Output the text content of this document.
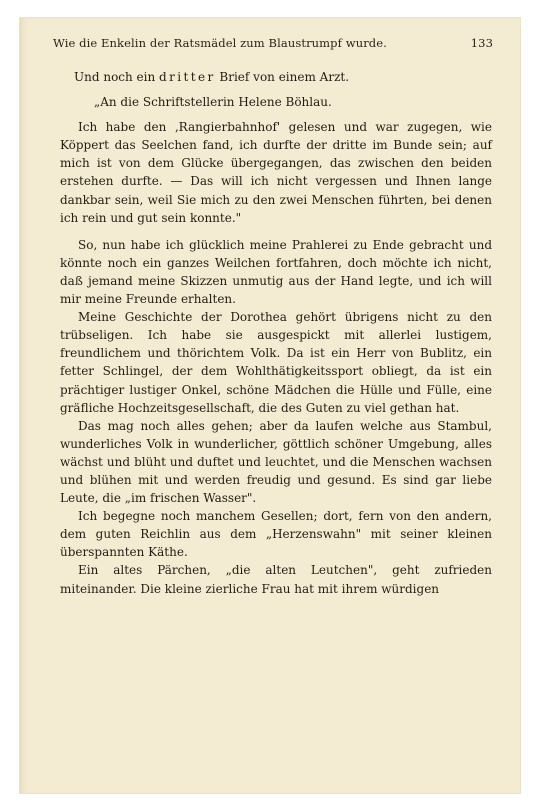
Wie die Enkelin der Ratsmädel zum Blaustrumpf wurde.	133

Und noch ein dritter Brief von einem Arzt.

„An die Schriftstellerin Helene Böhlau.

Ich habe den ‚Rangierbahnhof' gelesen und war zugegen, wie Köppert das Seelchen fand, ich durfte der dritte im Bunde sein; auf mich ist von dem Glücke übergegangen, das zwischen den beiden erstehen durfte. — Das will ich nicht vergessen und Ihnen lange dankbar sein, weil Sie mich zu den zwei Menschen führten, bei denen ich rein und gut sein konnte."

So, nun habe ich glücklich meine Prahlerei zu Ende gebracht und könnte noch ein ganzes Weilchen fortfahren, doch möchte ich nicht, daß jemand meine Skizzen unmutig aus der Hand legte, und ich will mir meine Freunde erhalten.

Meine Geschichte der Dorothea gehört übrigens nicht zu den trübseligen. Ich habe sie ausgespickt mit allerlei lustigem, freundlichem und thörichtem Volk. Da ist ein Herr von Bublitz, ein fetter Schlingel, der dem Wohlthätigkeitssport obliegt, da ist ein prächtiger lustiger Onkel, schöne Mädchen die Hülle und Fülle, eine gräfliche Hochzeitsgesellschaft, die des Guten zu viel gethan hat.

Das mag noch alles gehen; aber da laufen welche aus Stambul, wunderliches Volk in wunderlicher, göttlich schöner Umgebung, alles wächst und blüht und duftet und leuchtet, und die Menschen wachsen und blühen mit und werden freudig und gesund. Es sind gar liebe Leute, die „im frischen Wasser".

Ich begegne noch manchem Gesellen; dort, fern von den andern, dem guten Reichlin aus dem „Herzenswahn" mit seiner kleinen überspannten Käthe.

Ein altes Pärchen, „die alten Leutchen", geht zufrieden miteinander. Die kleine zierliche Frau hat mit ihrem würdigen
